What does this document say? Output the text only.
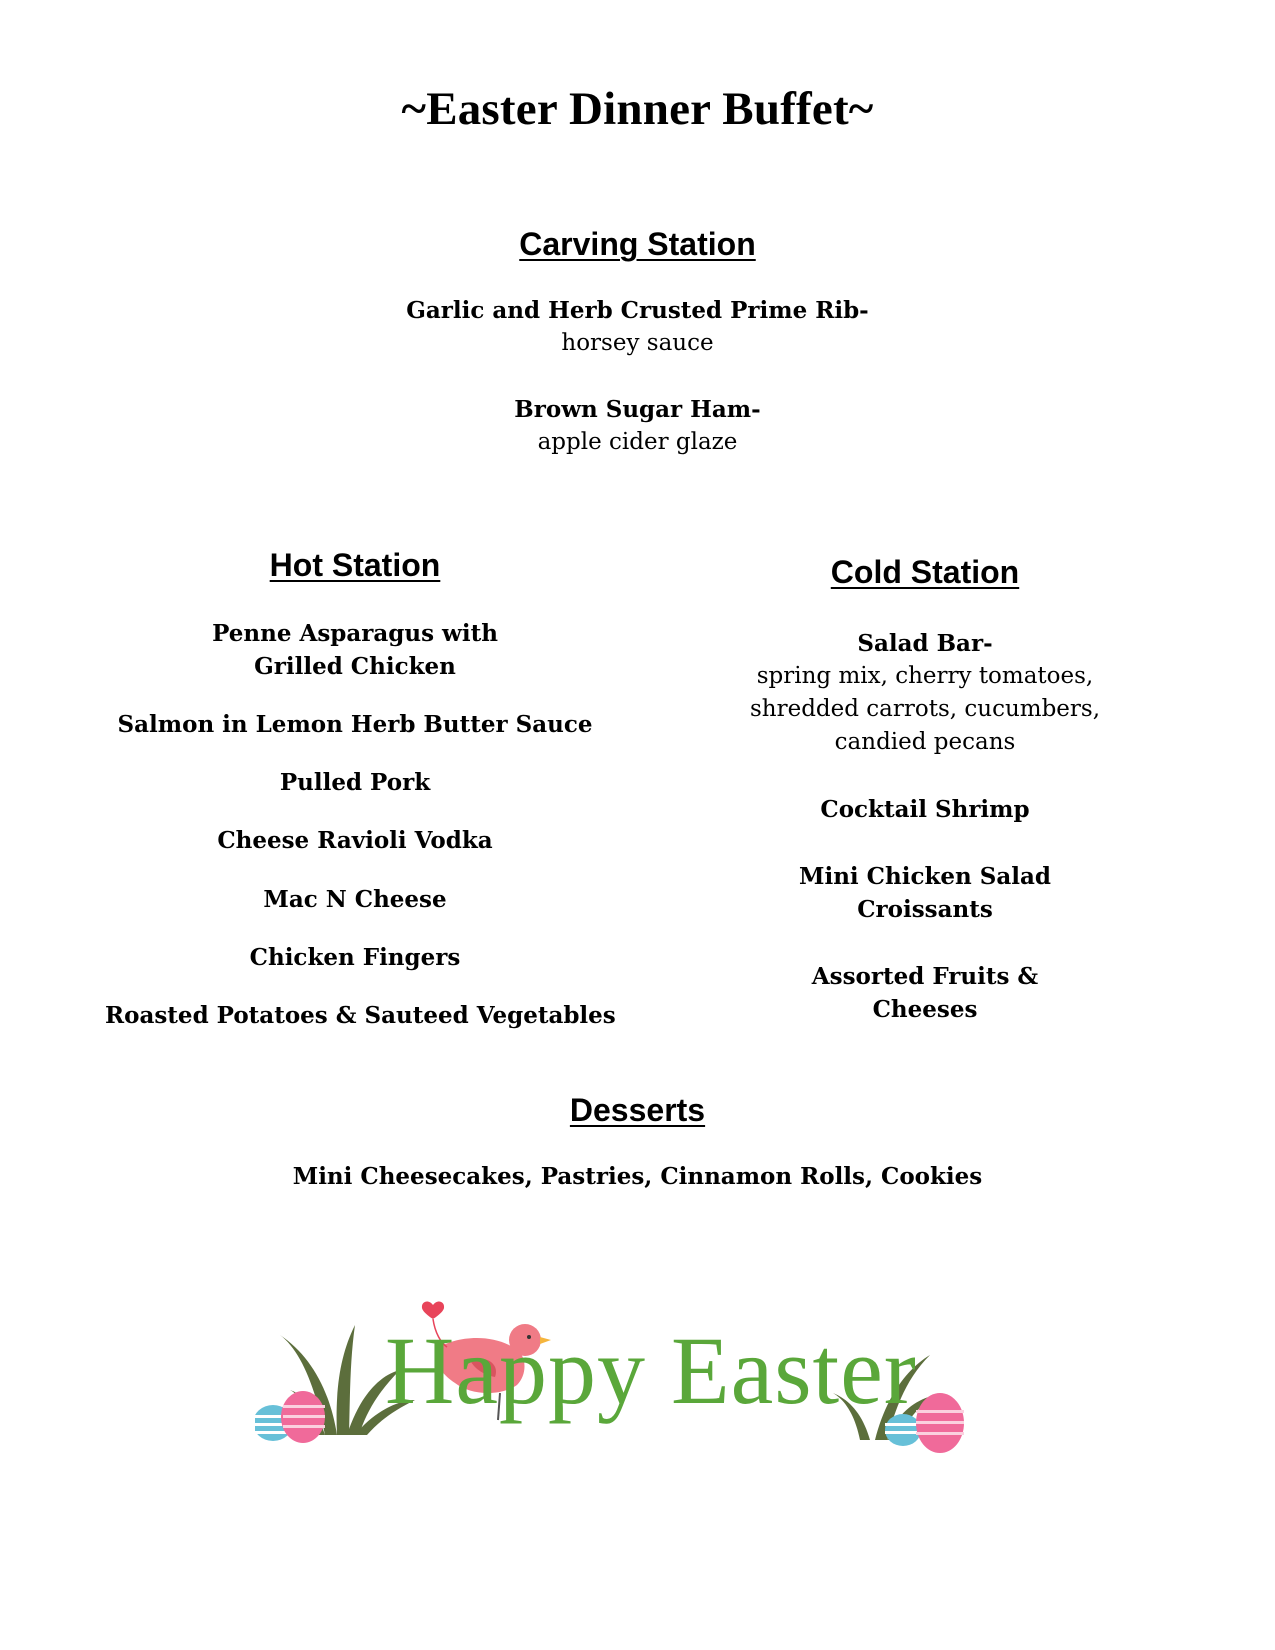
~Easter Dinner Buffet~
Carving Station
Garlic and Herb Crusted Prime Rib-
horsey sauce
Brown Sugar Ham-
apple cider glaze
Hot Station
Penne Asparagus with
Grilled Chicken
Salmon in Lemon Herb Butter Sauce
Pulled Pork
Cheese Ravioli Vodka
Mac N Cheese
Chicken Fingers
Roasted Potatoes & Sauteed Vegetables
Cold Station
Salad Bar-
spring mix, cherry tomatoes,
shredded carrots, cucumbers,
candied pecans
Cocktail Shrimp
Mini Chicken Salad
Croissants
Assorted Fruits &
Cheeses
Desserts
Mini Cheesecakes, Pastries, Cinnamon Rolls, Cookies
Happy Easter
